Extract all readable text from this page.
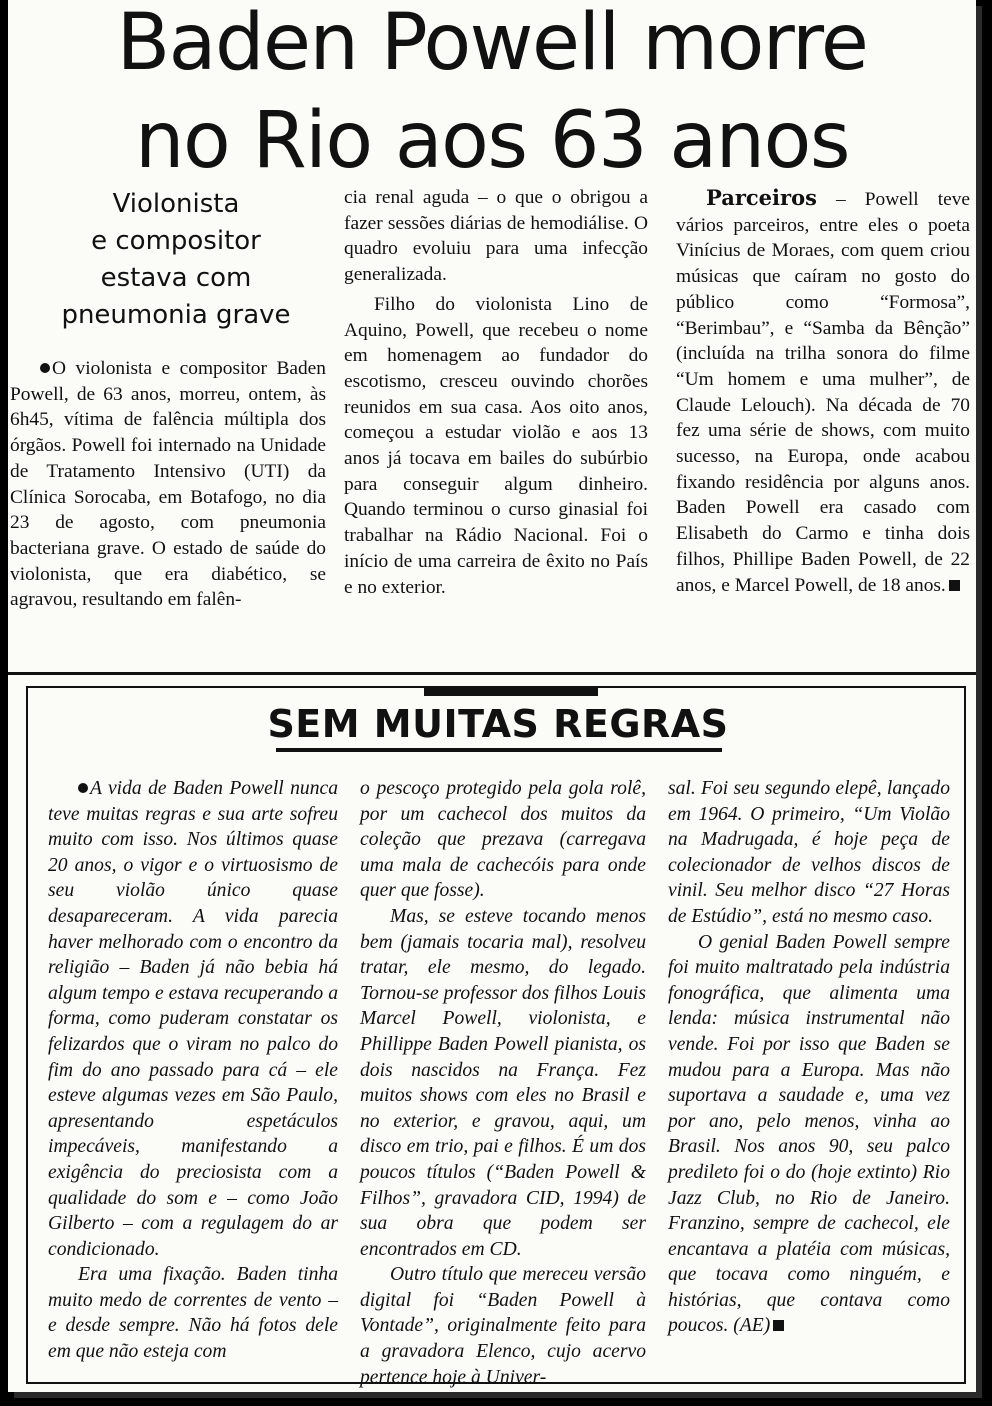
Baden Powell morre
no Rio aos 63 anos
Violonista
e compositor
estava com
pneumonia grave

O violonista e compositor Baden Powell, de 63 anos, morreu, ontem, às 6h45, vítima de falência múltipla dos órgãos. Powell foi internado na Unidade de Tratamento Intensivo (UTI) da Clínica Sorocaba, em Botafogo, no dia 23 de agosto, com pneumonia bacteriana grave. O estado de saúde do violonista, que era diabético, se agravou, resultando em falên-

cia renal aguda – o que o obrigou a fazer sessões diárias de hemodiálise. O quadro evoluiu para uma infecção generalizada.

Filho do violonista Lino de Aquino, Powell, que recebeu o nome em homenagem ao fundador do escotismo, cresceu ouvindo chorões reunidos em sua casa. Aos oito anos, começou a estudar violão e aos 13 anos já tocava em bailes do subúrbio para conseguir algum dinheiro. Quando terminou o curso ginasial foi trabalhar na Rádio Nacional. Foi o início de uma carreira de êxito no País e no exterior.

Parceiros – Powell teve vários parceiros, entre eles o poeta Vinícius de Moraes, com quem criou músicas que caíram no gosto do público como “Formosa”, “Berimbau”, e “Samba da Bênção” (incluída na trilha sonora do filme “Um homem e uma mulher”, de Claude Lelouch). Na década de 70 fez uma série de shows, com muito sucesso, na Europa, onde acabou fixando residência por alguns anos. Baden Powell era casado com Elisabeth do Carmo e tinha dois filhos, Phillipe Baden Powell, de 22 anos, e Marcel Powell, de 18 anos.

SEM MUITAS REGRAS

A vida de Baden Powell nunca teve muitas regras e sua arte sofreu muito com isso. Nos últimos quase 20 anos, o vigor e o virtuosismo de seu violão único quase desapareceram. A vida parecia haver melhorado com o encontro da religião – Baden já não bebia há algum tempo e estava recuperando a forma, como puderam constatar os felizardos que o viram no palco do fim do ano passado para cá – ele esteve algumas vezes em São Paulo, apresentando espetáculos impecáveis, manifestando a exigência do preciosista com a qualidade do som e – como João Gilberto – com a regulagem do ar condicionado.

Era uma fixação. Baden tinha muito medo de correntes de vento – e desde sempre. Não há fotos dele em que não esteja com

o pescoço protegido pela gola rolê, por um cachecol dos muitos da coleção que prezava (carregava uma mala de cachecóis para onde quer que fosse).

Mas, se esteve tocando menos bem (jamais tocaria mal), resolveu tratar, ele mesmo, do legado. Tornou-se professor dos filhos Louis Marcel Powell, violonista, e Phillippe Baden Powell pianista, os dois nascidos na França. Fez muitos shows com eles no Brasil e no exterior, e gravou, aqui, um disco em trio, pai e filhos. É um dos poucos títulos (“Baden Powell & Filhos”, gravadora CID, 1994) de sua obra que podem ser encontrados em CD.

Outro título que mereceu versão digital foi “Baden Powell à Vontade”, originalmente feito para a gravadora Elenco, cujo acervo pertence hoje à Univer-

sal. Foi seu segundo elepê, lançado em 1964. O primeiro, “Um Violão na Madrugada, é hoje peça de colecionador de velhos discos de vinil. Seu melhor disco “27 Horas de Estúdio”, está no mesmo caso.

O genial Baden Powell sempre foi muito maltratado pela indústria fonográfica, que alimenta uma lenda: música instrumental não vende. Foi por isso que Baden se mudou para a Europa. Mas não suportava a saudade e, uma vez por ano, pelo menos, vinha ao Brasil. Nos anos 90, seu palco predileto foi o do (hoje extinto) Rio Jazz Club, no Rio de Janeiro. Franzino, sempre de cachecol, ele encantava a platéia com músicas, que tocava como ninguém, e histórias, que contava como poucos. (AE)
